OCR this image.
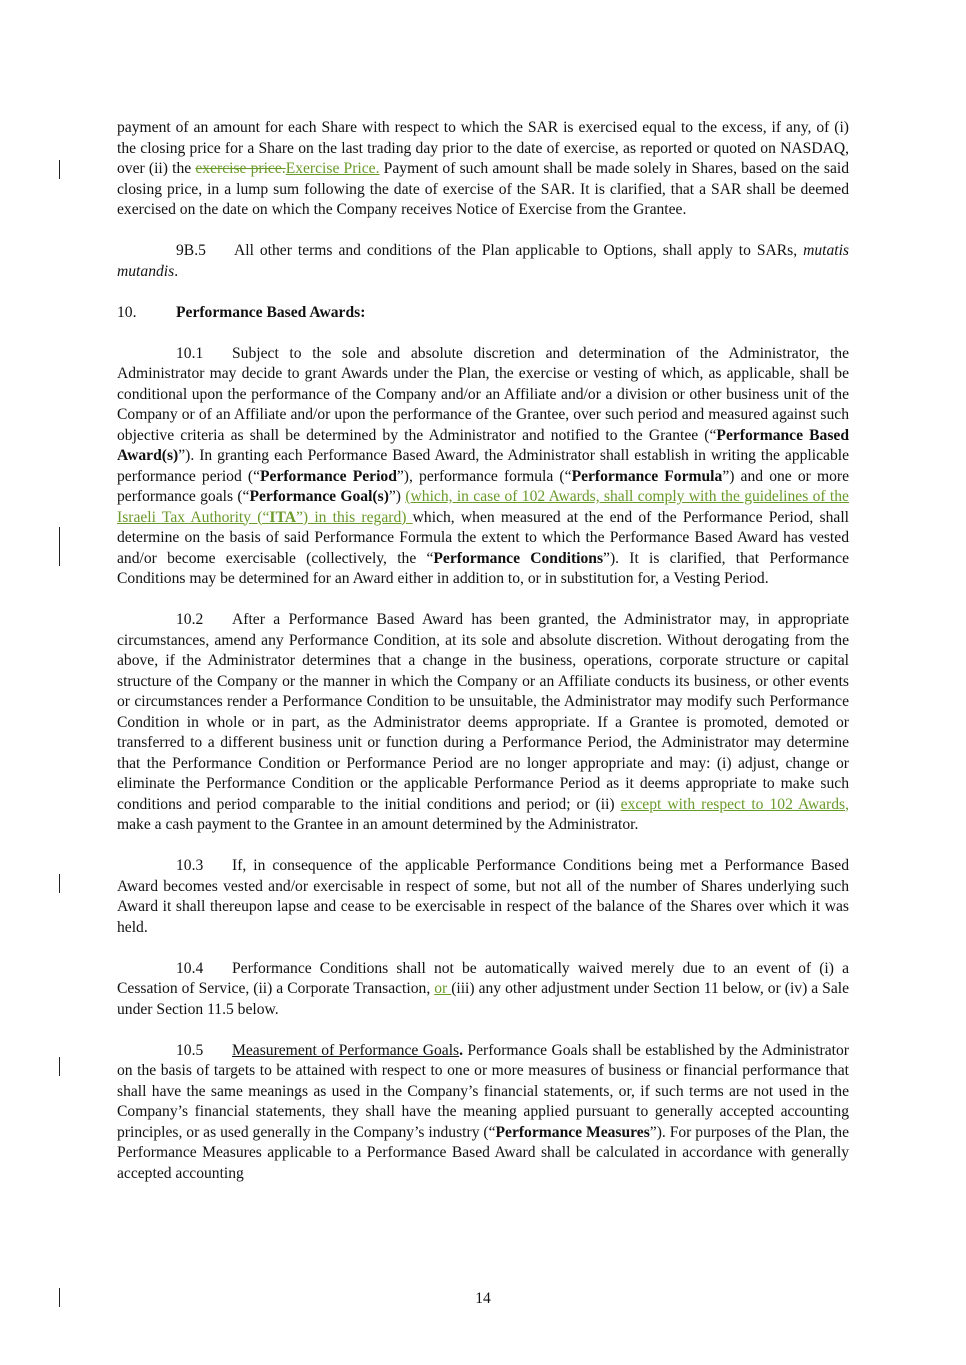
payment of an amount for each Share with respect to which the SAR is exercised equal to the excess, if any, of (i) the closing price for a Share on the last trading day prior to the date of exercise, as reported or quoted on NASDAQ, over (ii) the exercise price.Exercise Price. Payment of such amount shall be made solely in Shares, based on the said closing price, in a lump sum following the date of exercise of the SAR. It is clarified, that a SAR shall be deemed exercised on the date on which the Company receives Notice of Exercise from the Grantee.

9B.5 All other terms and conditions of the Plan applicable to Options, shall apply to SARs, mutatis mutandis.

10.	Performance Based Awards:

10.1 Subject to the sole and absolute discretion and determination of the Administrator, the Administrator may decide to grant Awards under the Plan, the exercise or vesting of which, as applicable, shall be conditional upon the performance of the Company and/or an Affiliate and/or a division or other business unit of the Company or of an Affiliate and/or upon the performance of the Grantee, over such period and measured against such objective criteria as shall be determined by the Administrator and notified to the Grantee (“Performance Based Award(s)”). In granting each Performance Based Award, the Administrator shall establish in writing the applicable performance period (“Performance Period”), performance formula (“Performance Formula”) and one or more performance goals (“Performance Goal(s)”) (which, in case of 102 Awards, shall comply with the guidelines of the Israeli Tax Authority (“ITA”) in this regard) which, when measured at the end of the Performance Period, shall determine on the basis of said Performance Formula the extent to which the Performance Based Award has vested and/or become exercisable (collectively, the “Performance Conditions”). It is clarified, that Performance Conditions may be determined for an Award either in addition to, or in substitution for, a Vesting Period.

10.2 After a Performance Based Award has been granted, the Administrator may, in appropriate circumstances, amend any Performance Condition, at its sole and absolute discretion. Without derogating from the above, if the Administrator determines that a change in the business, operations, corporate structure or capital structure of the Company or the manner in which the Company or an Affiliate conducts its business, or other events or circumstances render a Performance Condition to be unsuitable, the Administrator may modify such Performance Condition in whole or in part, as the Administrator deems appropriate. If a Grantee is promoted, demoted or transferred to a different business unit or function during a Performance Period, the Administrator may determine that the Performance Condition or Performance Period are no longer appropriate and may: (i) adjust, change or eliminate the Performance Condition or the applicable Performance Period as it deems appropriate to make such conditions and period comparable to the initial conditions and period; or (ii) except with respect to 102 Awards, make a cash payment to the Grantee in an amount determined by the Administrator.

10.3 If, in consequence of the applicable Performance Conditions being met a Performance Based Award becomes vested and/or exercisable in respect of some, but not all of the number of Shares underlying such Award it shall thereupon lapse and cease to be exercisable in respect of the balance of the Shares over which it was held.

10.4 Performance Conditions shall not be automatically waived merely due to an event of (i) a Cessation of Service, (ii) a Corporate Transaction, or (iii) any other adjustment under Section 11 below, or (iv) a Sale under Section 11.5 below.

10.5 Measurement of Performance Goals. Performance Goals shall be established by the Administrator on the basis of targets to be attained with respect to one or more measures of business or financial performance that shall have the same meanings as used in the Company’s financial statements, or, if such terms are not used in the Company’s financial statements, they shall have the meaning applied pursuant to generally accepted accounting principles, or as used generally in the Company’s industry (“Performance Measures”). For purposes of the Plan, the Performance Measures applicable to a Performance Based Award shall be calculated in accordance with generally accepted accounting

14
